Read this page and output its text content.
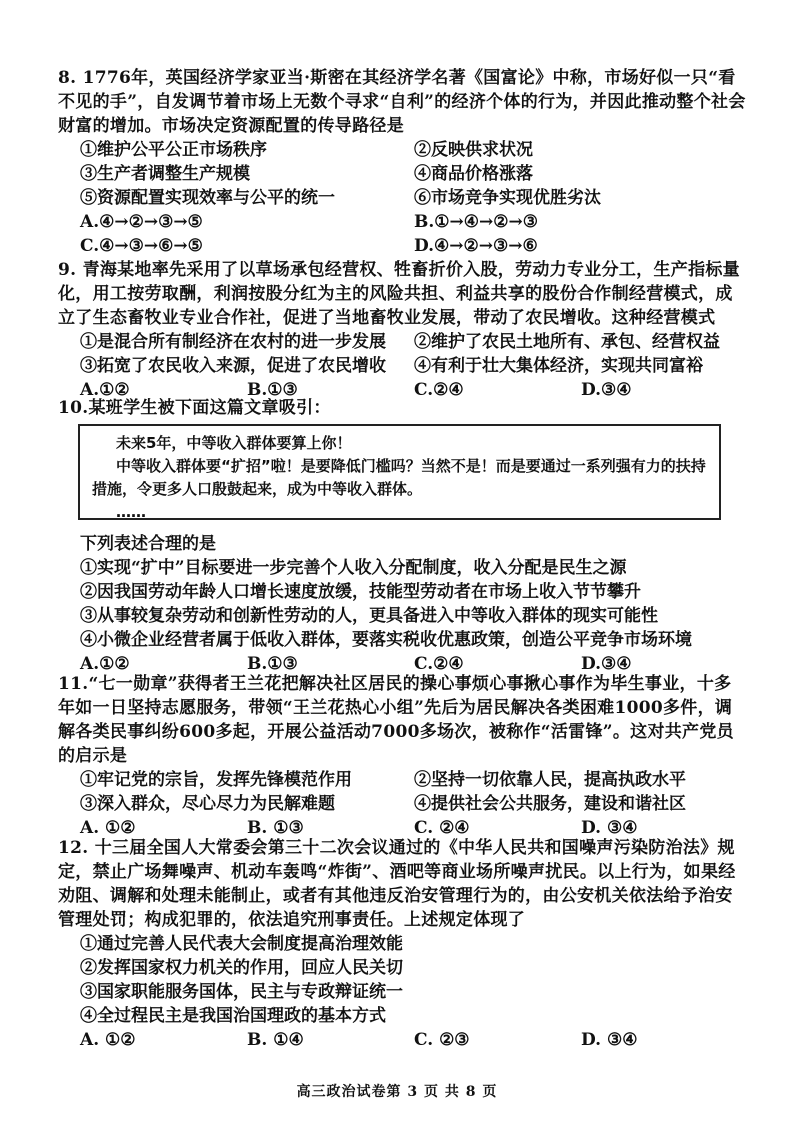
8. 1776年，英国经济学家亚当·斯密在其经济学名著《国富论》中称，市场好似一只“看不见的手”，自发调节着市场上无数个寻求“自利”的经济个体的行为，并因此推动整个社会财富的增加。市场决定资源配置的传导路径是
①维护公平公正市场秩序	②反映供求状况
③生产者调整生产规模	④商品价格涨落
⑤资源配置实现效率与公平的统一	⑥市场竞争实现优胜劣汰
A.④→②→③→⑤	B.①→④→②→③
C.④→③→⑥→⑤	D.④→②→③→⑥
9. 青海某地率先采用了以草场承包经营权、牲畜折价入股，劳动力专业分工，生产指标量化，用工按劳取酬，利润按股分红为主的风险共担、利益共享的股份合作制经营模式，成立了生态畜牧业专业合作社，促进了当地畜牧业发展，带动了农民增收。这种经营模式
①是混合所有制经济在农村的进一步发展	②维护了农民土地所有、承包、经营权益
③拓宽了农民收入来源，促进了农民增收	④有利于壮大集体经济，实现共同富裕
A.①②	B.①③	C.②④	D.③④
10.某班学生被下面这篇文章吸引：
未来5年，中等收入群体要算上你！
中等收入群体要“扩招”啦！是要降低门槛吗？当然不是！而是要通过一系列强有力的扶持措施，令更多人口殷鼓起来，成为中等收入群体。
……
下列表述合理的是
①实现“扩中”目标要进一步完善个人收入分配制度，收入分配是民生之源
②因我国劳动年龄人口增长速度放缓，技能型劳动者在市场上收入节节攀升
③从事较复杂劳动和创新性劳动的人，更具备进入中等收入群体的现实可能性
④小微企业经营者属于低收入群体，要落实税收优惠政策，创造公平竞争市场环境
A.①②	B.①③	C.②④	D.③④
11.“七一勋章”获得者王兰花把解决社区居民的操心事烦心事揪心事作为毕生事业，十多年如一日坚持志愿服务，带领“王兰花热心小组”先后为居民解决各类困难1000多件，调解各类民事纠纷600多起，开展公益活动7000多场次，被称作“活雷锋”。这对共产党员的启示是
①牢记党的宗旨，发挥先锋模范作用	②坚持一切依靠人民，提高执政水平
③深入群众，尽心尽力为民解难题	④提供社会公共服务，建设和谐社区
A. ①②	B. ①③	C. ②④	D. ③④
12. 十三届全国人大常委会第三十二次会议通过的《中华人民共和国噪声污染防治法》规定，禁止广场舞噪声、机动车轰鸣“炸街”、酒吧等商业场所噪声扰民。以上行为，如果经劝阻、调解和处理未能制止，或者有其他违反治安管理行为的，由公安机关依法给予治安管理处罚；构成犯罪的，依法追究刑事责任。上述规定体现了
①通过完善人民代表大会制度提高治理效能
②发挥国家权力机关的作用，回应人民关切
③国家职能服务国体，民主与专政辩证统一
④全过程民主是我国治国理政的基本方式
A. ①②	B. ①④	C. ②③	D. ③④
高三政治试卷第 3 页 共 8 页
